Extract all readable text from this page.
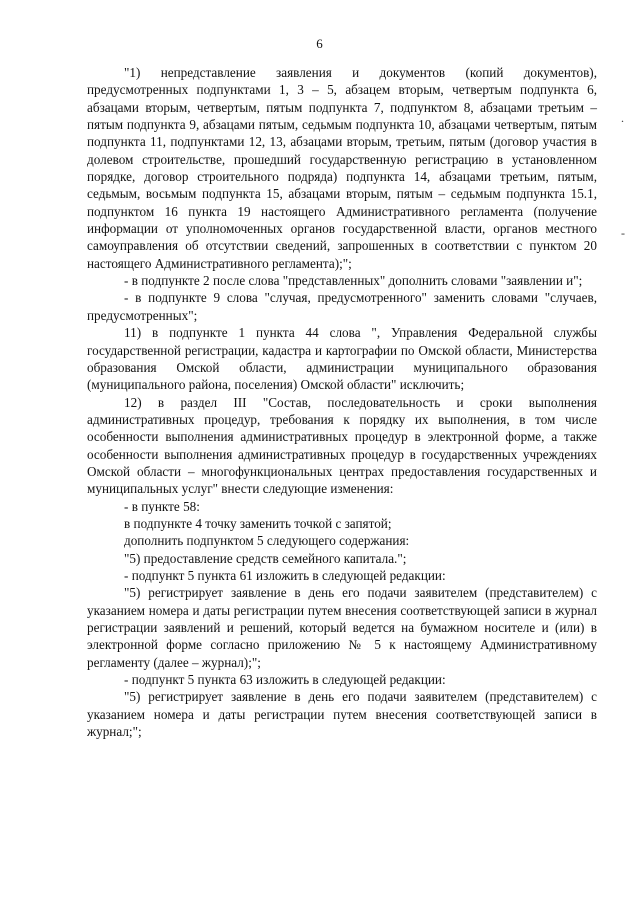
6

"1) непредставление заявления и документов (копий документов), предусмотренных подпунктами 1, 3 – 5, абзацем вторым, четвертым подпункта 6, абзацами вторым, четвертым, пятым подпункта 7, подпунктом 8, абзацами третьим – пятым подпункта 9, абзацами пятым, седьмым подпункта 10, абзацами четвертым, пятым подпункта 11, подпунктами 12, 13, абзацами вторым, третьим, пятым (договор участия в долевом строительстве, прошедший государственную регистрацию в установленном порядке, договор строительного подряда) подпункта 14, абзацами третьим, пятым, седьмым, восьмым подпункта 15, абзацами вторым, пятым – седьмым подпункта 15.1, подпунктом 16 пункта 19 настоящего Административного регламента (получение информации от уполномоченных органов государственной власти, органов местного самоуправления об отсутствии сведений, запрошенных в соответствии с пунктом 20 настоящего Административного регламента);";

- в подпункте 2 после слова "представленных" дополнить словами "заявлении и";

- в подпункте 9 слова "случая, предусмотренного" заменить словами "случаев, предусмотренных";

11) в подпункте 1 пункта 44 слова ", Управления Федеральной службы государственной регистрации, кадастра и картографии по Омской области, Министерства образования Омской области, администрации муниципального образования (муниципального района, поселения) Омской области" исключить;

12) в раздел III "Состав, последовательность и сроки выполнения административных процедур, требования к порядку их выполнения, в том числе особенности выполнения административных процедур в электронной форме, а также особенности выполнения административных процедур в государственных учреждениях Омской области – многофункциональных центрах предоставления государственных и муниципальных услуг" внести следующие изменения:

- в пункте 58:

в подпункте 4 точку заменить точкой с запятой;

дополнить подпунктом 5 следующего содержания:

"5) предоставление средств семейного капитала.";

- подпункт 5 пункта 61 изложить в следующей редакции:

"5) регистрирует заявление в день его подачи заявителем (представителем) с указанием номера и даты регистрации путем внесения соответствующей записи в журнал регистрации заявлений и решений, который ведется на бумажном носителе и (или) в электронной форме согласно приложению № 5 к настоящему Административному регламенту (далее – журнал);";

- подпункт 5 пункта 63 изложить в следующей редакции:

"5) регистрирует заявление в день его подачи заявителем (представителем) с указанием номера и даты регистрации путем внесения соответствующей записи в журнал;";

.
-
